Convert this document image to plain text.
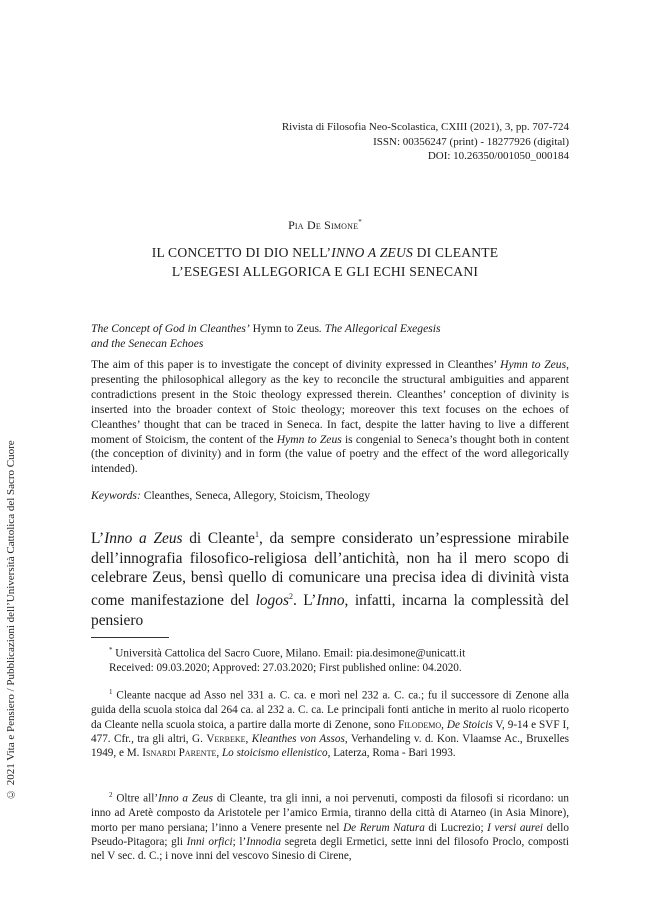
© 2021 Vita e Pensiero / Pubblicazioni dell’Università Cattolica del Sacro Cuore
Rivista di Filosofia Neo-Scolastica, CXIII (2021), 3, pp. 707-724
ISSN: 00356247 (print) - 18277926 (digital)
DOI: 10.26350/001050_000184
Pia De Simone*
IL CONCETTO DI DIO NELL’INNO A ZEUS DI CLEANTE
L’ESEGESI ALLEGORICA E GLI ECHI SENECANI
The Concept of God in Cleanthes’ Hymn to Zeus. The Allegorical Exegesis
and the Senecan Echoes
The aim of this paper is to investigate the concept of divinity expressed in Cleanthes’ Hymn to Zeus, presenting the philosophical allegory as the key to reconcile the structural ambiguities and apparent contradictions present in the Stoic theology expressed therein. Cleanthes’ conception of divinity is inserted into the broader context of Stoic theology; moreover this text focuses on the echoes of Cleanthes’ thought that can be traced in Seneca. In fact, despite the latter having to live a different moment of Stoicism, the content of the Hymn to Zeus is congenial to Seneca’s thought both in content (the conception of divinity) and in form (the value of poetry and the effect of the word allegorically intended).
Keywords: Cleanthes, Seneca, Allegory, Stoicism, Theology
L’Inno a Zeus di Cleante$^1$, da sempre considerato un’espressione mirabile dell’innografia filosofico-religiosa dell’antichità, non ha il mero scopo di celebrare Zeus, bensì quello di comunicare una precisa idea di divinità vista come manifestazione del logos$^2$. L’Inno, infatti, incarna la complessità del pensiero
* Università Cattolica del Sacro Cuore, Milano. Email: pia.desimone@unicatt.it
Received: 09.03.2020; Approved: 27.03.2020; First published online: 04.2020.
$^1$ Cleante nacque ad Asso nel 331 a. C. ca. e morì nel 232 a. C. ca.; fu il successore di Zenone alla guida della scuola stoica dal 264 ca. al 232 a. C. ca. Le principali fonti antiche in merito al ruolo ricoperto da Cleante nella scuola stoica, a partire dalla morte di Zenone, sono Filodemo, De Stoicis V, 9-14 e SVF I, 477. Cfr., tra gli altri, G. Verbeke, Kleanthes von Assos, Verhandeling v. d. Kon. Vlaamse Ac., Bruxelles 1949, e M. Isnardi Parente, Lo stoicismo ellenistico, Laterza, Roma - Bari 1993.
$^2$ Oltre all’Inno a Zeus di Cleante, tra gli inni, a noi pervenuti, composti da filosofi si ricordano: un inno ad Aretè composto da Aristotele per l’amico Ermia, tiranno della città di Atarneo (in Asia Minore), morto per mano persiana; l’inno a Venere presente nel De Rerum Natura di Lucrezio; I versi aurei dello Pseudo-Pitagora; gli Inni orfici; l’Innodia segreta degli Ermetici, sette inni del filosofo Proclo, composti nel V sec. d. C.; i nove inni del vescovo Sinesio di Cirene,
